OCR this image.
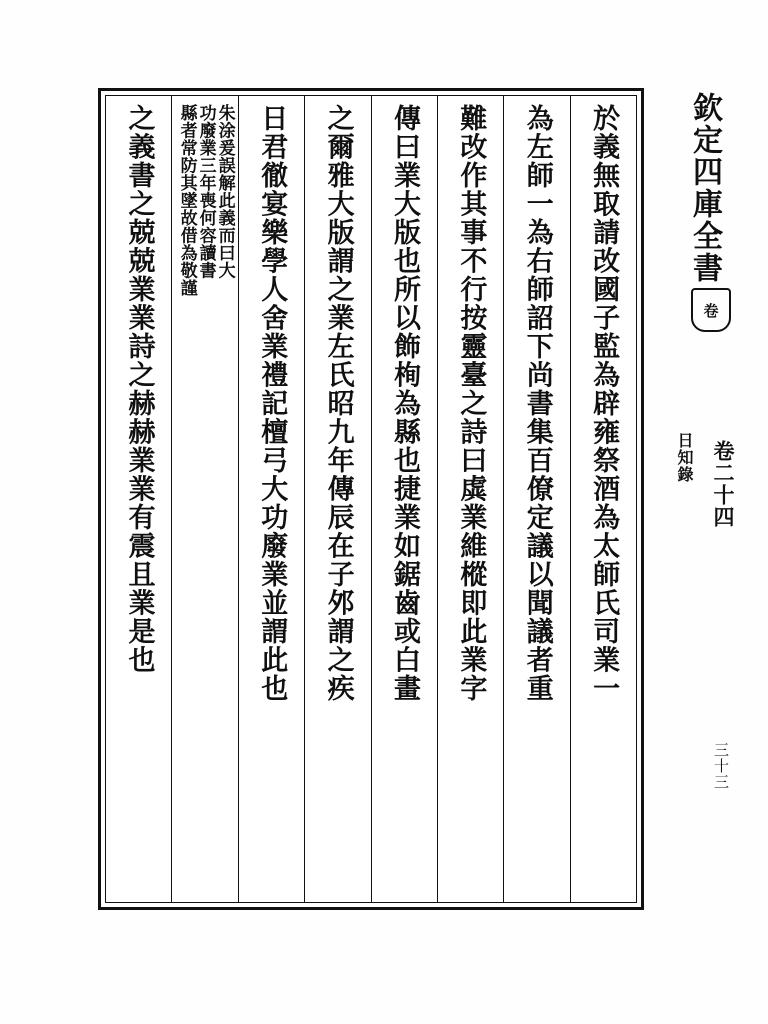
欽定四庫全書
卷
日知錄 卷二十四
三十三
於義無取請改國子監為辟雍祭酒為太師氏司業一
為左師一為右師詔下尚書集百僚定議以聞議者重
難改作其事不行按靈臺之詩曰虡業維樅即此業字
傳曰業大版也所以飾栒為縣也捷業如鋸齒或白畫
之爾雅大版謂之業左氏昭九年傳辰在子邜謂之疾
日君徹宴樂學人舍業禮記檀弓大功廢業並謂此也
朱涂爰誤解此義而曰大
功廢業三年喪何容讀書
縣者常防其墜故借為敬謹
之義書之兢兢業業詩之赫赫業業有震且業是也
